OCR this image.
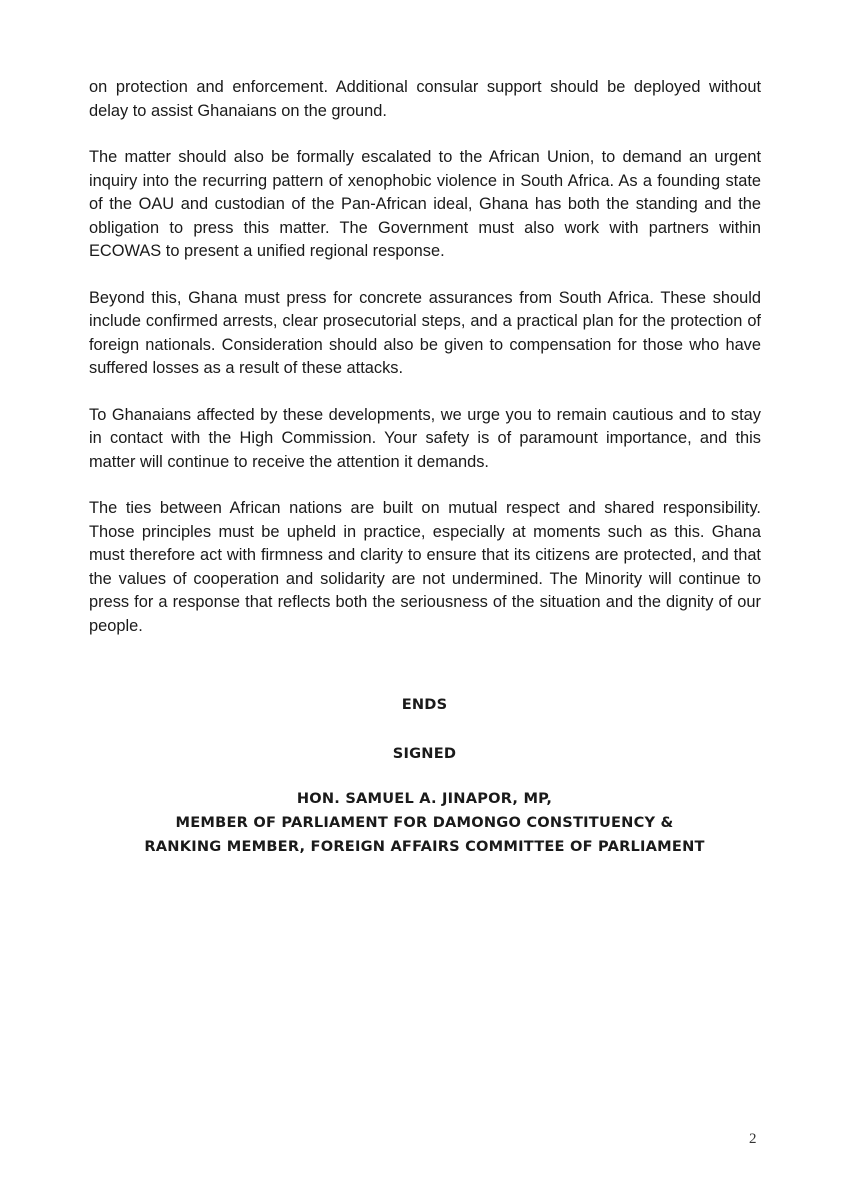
on protection and enforcement. Additional consular support should be deployed without delay to assist Ghanaians on the ground.

The matter should also be formally escalated to the African Union, to demand an urgent inquiry into the recurring pattern of xenophobic violence in South Africa. As a founding state of the OAU and custodian of the Pan-African ideal, Ghana has both the standing and the obligation to press this matter. The Government must also work with partners within ECOWAS to present a unified regional response.

Beyond this, Ghana must press for concrete assurances from South Africa. These should include confirmed arrests, clear prosecutorial steps, and a practical plan for the protection of foreign nationals. Consideration should also be given to compensation for those who have suffered losses as a result of these attacks.

To Ghanaians affected by these developments, we urge you to remain cautious and to stay in contact with the High Commission. Your safety is of paramount importance, and this matter will continue to receive the attention it demands.

The ties between African nations are built on mutual respect and shared responsibility. Those principles must be upheld in practice, especially at moments such as this. Ghana must therefore act with firmness and clarity to ensure that its citizens are protected, and that the values of cooperation and solidarity are not undermined. The Minority will continue to press for a response that reflects both the seriousness of the situation and the dignity of our people.

ENDS
SIGNED
HON. SAMUEL A. JINAPOR, MP,
MEMBER OF PARLIAMENT FOR DAMONGO CONSTITUENCY &
RANKING MEMBER, FOREIGN AFFAIRS COMMITTEE OF PARLIAMENT
2
